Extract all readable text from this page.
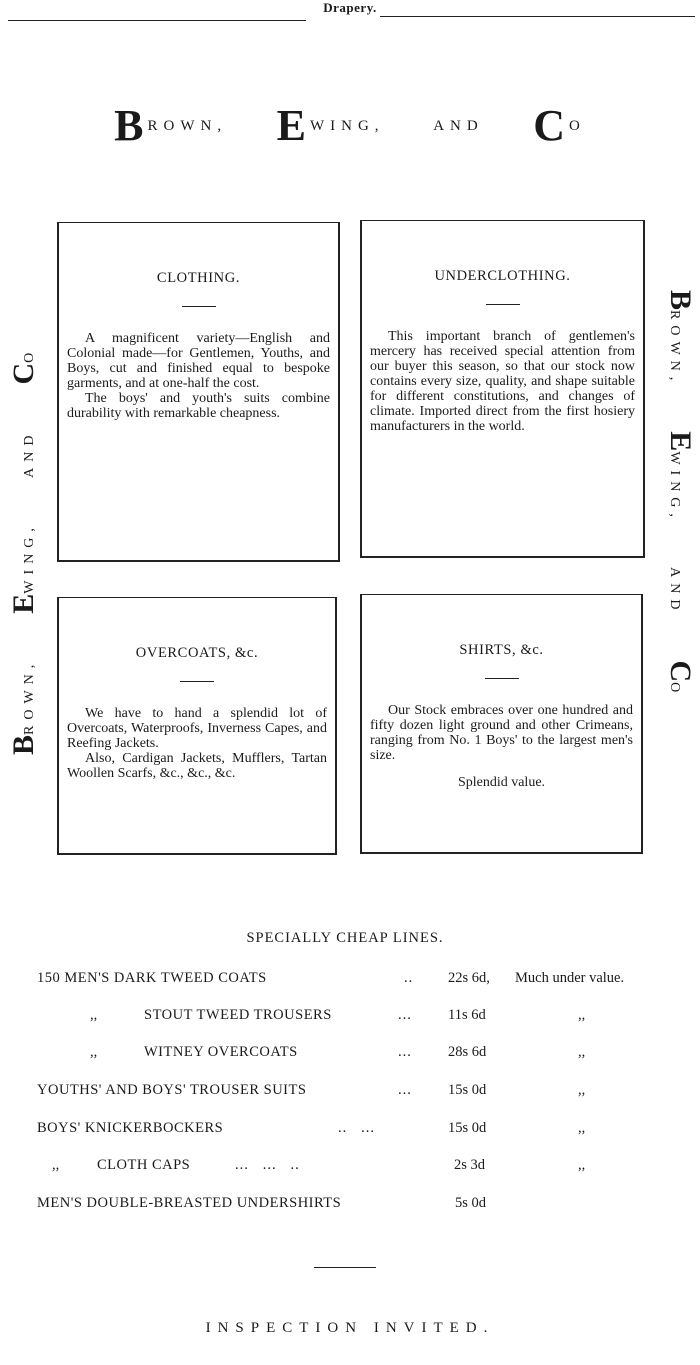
Drapery.
BROWN, E WING,	AND C O
BROWN,  EWING,  AND  CO
BROWN,  EWING,  AND  CO
CLOTHING.

A magnificent variety—English and Colonial made—for Gentlemen, Youths, and Boys, cut and finished equal to bespoke garments, and at one-half the cost.

The boys' and youth's suits combine durability with remarkable cheapness.

UNDERCLOTHING.

This important branch of gentlemen's mercery has received special attention from our buyer this season, so that our stock now contains every size, quality, and shape suitable for different constitutions, and changes of climate. Imported direct from the first hosiery manufacturers in the world.

OVERCOATS, &c.

We have to hand a splendid lot of Overcoats, Waterproofs, Inverness Capes, and Reefing Jackets.

Also, Cardigan Jackets, Mufflers, Tartan Woollen Scarfs, &c., &c., &c.

SHIRTS, &c.

Our Stock embraces over one hundred and fifty dozen light ground and other Crimeans, ranging from No. 1 Boys' to the largest men's size.

Splendid value.

SPECIALLY CHEAP LINES.
150 MEN'S DARK TWEED COATS	.. 22s 6d, Much under value.
,,	STOUT TWEED TROUSERS	... 11s 6d	,,
,,	WITNEY OVERCOATS	... 28s 6d	,,
YOUTHS' AND BOYS' TROUSER SUITS	... 15s 0d	,,
BOYS' KNICKERBOCKERS	..   ...	15s 0d	,,
,,	CLOTH CAPS	...   ...   ..	2s 3d	,,
MEN'S DOUBLE-BREASTED UNDERSHIRTS	5s 0d
INSPECTION INVITED.
